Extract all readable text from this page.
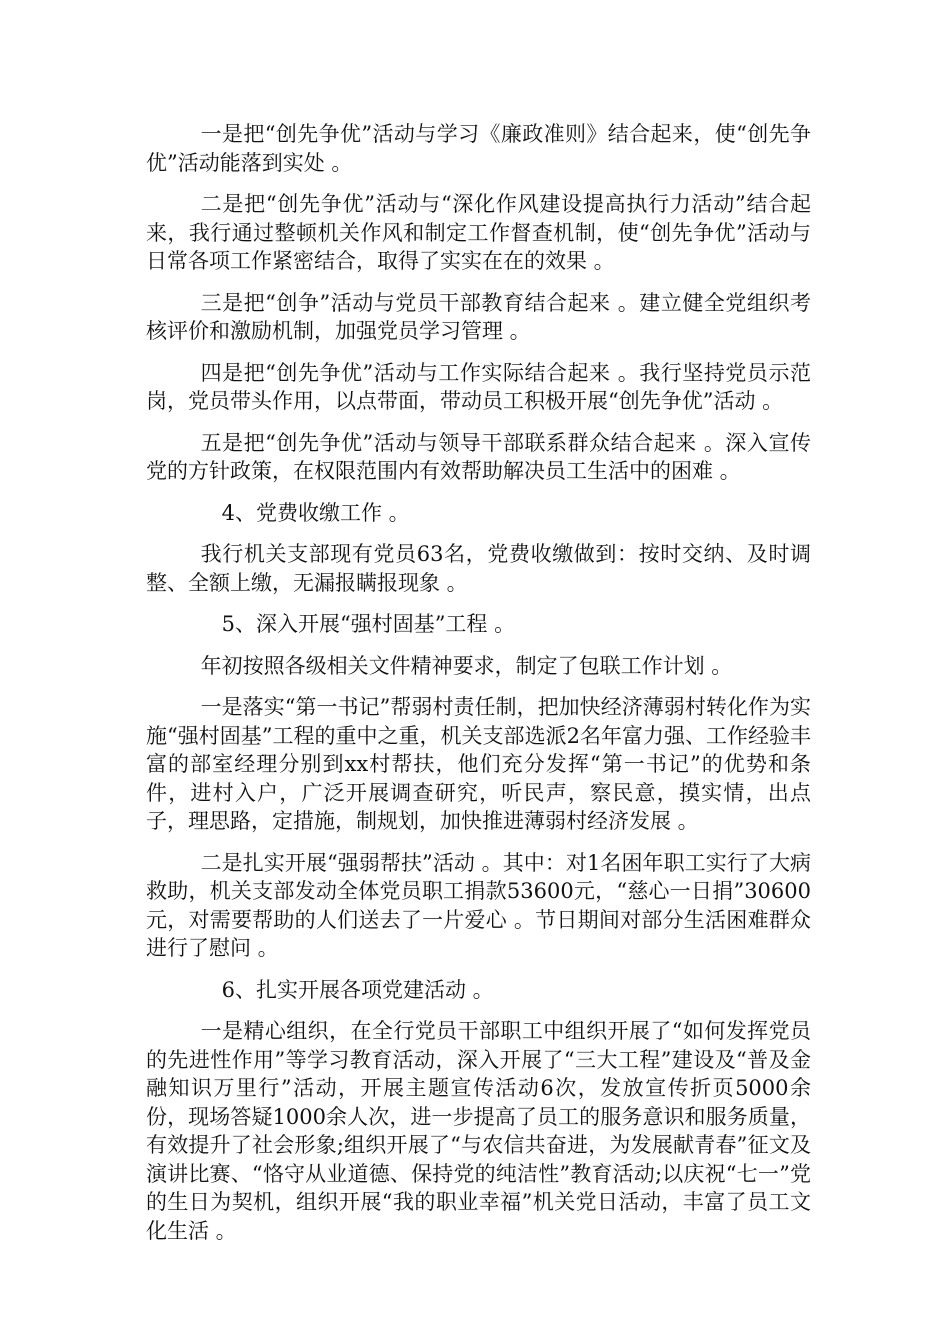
一是把“创先争优”活动与学习《廉政准则》结合起来，使“创先争优”活动能落到实处 。

二是把“创先争优”活动与“深化作风建设提高执行力活动”结合起来，我行通过整顿机关作风和制定工作督查机制，使“创先争优”活动与日常各项工作紧密结合，取得了实实在在的效果 。

三是把“创争”活动与党员干部教育结合起来 。建立健全党组织考核评价和激励机制，加强党员学习管理 。

四是把“创先争优”活动与工作实际结合起来 。我行坚持党员示范岗，党员带头作用，以点带面，带动员工积极开展“创先争优”活动 。

五是把“创先争优”活动与领导干部联系群众结合起来 。深入宣传党的方针政策，在权限范围内有效帮助解决员工生活中的困难 。

4、党费收缴工作 。

我行机关支部现有党员63名，党费收缴做到：按时交纳、及时调整、全额上缴，无漏报瞒报现象 。

5、深入开展“强村固基”工程 。

年初按照各级相关文件精神要求，制定了包联工作计划 。

一是落实“第一书记”帮弱村责任制，把加快经济薄弱村转化作为实施“强村固基”工程的重中之重，机关支部选派2名年富力强、工作经验丰富的部室经理分别到xx村帮扶，他们充分发挥“第一书记”的优势和条件，进村入户，广泛开展调查研究，听民声，察民意，摸实情，出点子，理思路，定措施，制规划，加快推进薄弱村经济发展 。

二是扎实开展“强弱帮扶”活动 。其中：对1名困年职工实行了大病救助，机关支部发动全体党员职工捐款53600元，“慈心一日捐”30600元，对需要帮助的人们送去了一片爱心 。节日期间对部分生活困难群众进行了慰问 。

6、扎实开展各项党建活动 。

一是精心组织，在全行党员干部职工中组织开展了“如何发挥党员的先进性作用”等学习教育活动，深入开展了“三大工程”建设及“普及金融知识万里行”活动，开展主题宣传活动6次，发放宣传折页5000余份，现场答疑1000余人次，进一步提高了员工的服务意识和服务质量，有效提升了社会形象;组织开展了“与农信共奋进，为发展献青春”征文及演讲比赛、“恪守从业道德、保持党的纯洁性”教育活动;以庆祝“七一”党的生日为契机，组织开展“我的职业幸福”机关党日活动，丰富了员工文化生活 。
